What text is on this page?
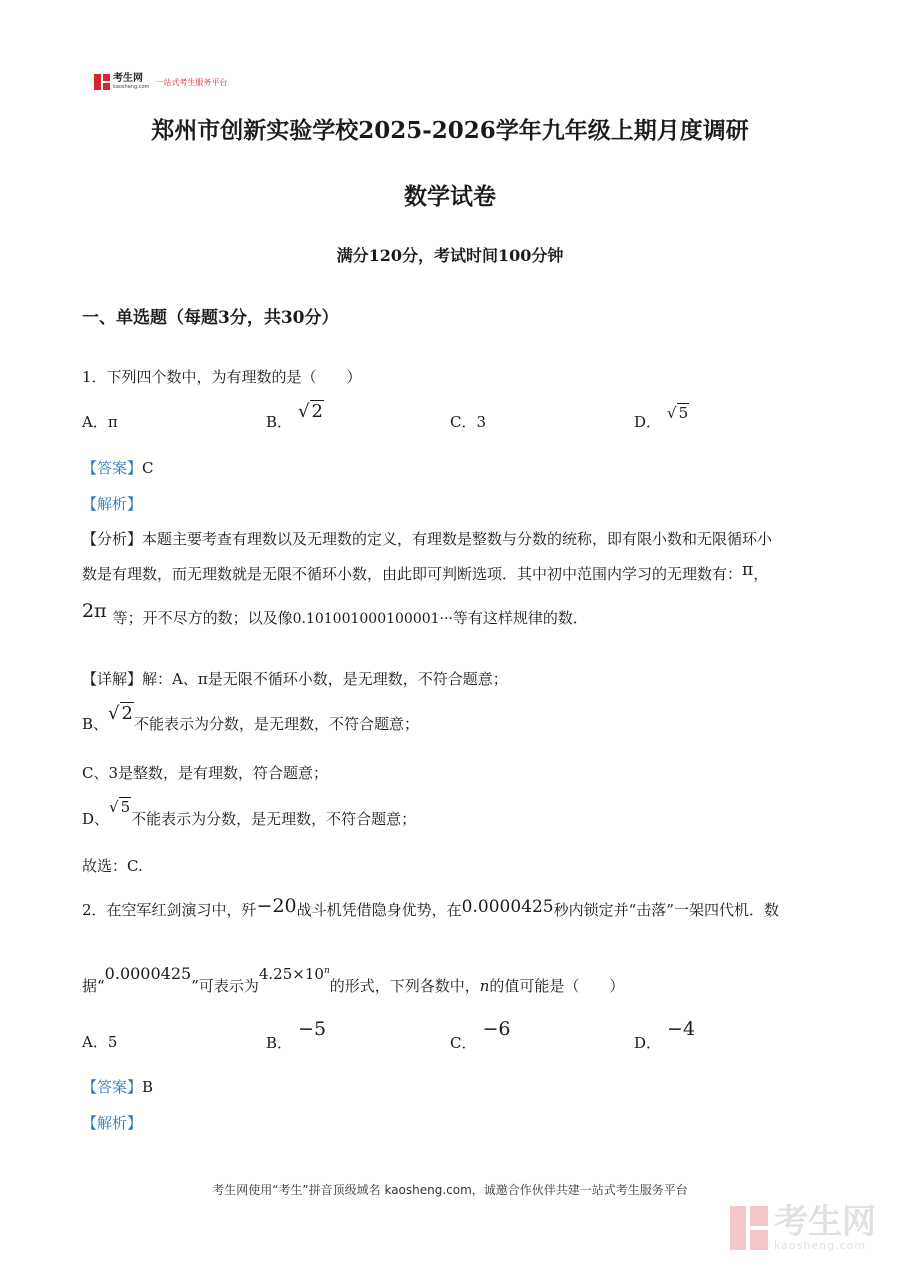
考生网
kaosheng.com
一站式考生服务平台
郑州市创新实验学校2025-2026学年九年级上期月度调研
数学试卷
满分120分，考试时间100分钟
一、单选题（每题3分，共30分）
1．下列四个数中，为有理数的是（　　）
A．π	B． √ 2	C．3	D． √ 5
【答案】C
【解析】
【分析】本题主要考查有理数以及无理数的定义，有理数是整数与分数的统称，即有限小数和无限循环小
数是有理数，而无理数就是无限不循环小数，由此即可判断选项．其中初中范围内学习的无理数有：π，
2π 等；开不尽方的数；以及像0.101001000100001···等有这样规律的数．
【详解】解：A、π是无限不循环小数，是无理数，不符合题意；
B、√ 2不能表示为分数，是无理数，不符合题意；
C、3是整数，是有理数，符合题意；
D、√ 5不能表示为分数，是无理数，不符合题意；
故选：C.
2．在空军红剑演习中，歼−20战斗机凭借隐身优势，在0.0000425秒内锁定并“击落”一架四代机．数
据“0.0000425”可表示为$4.25\times 10^n$的形式，下列各数中，n的值可能是（　　）
A．5	B．−5
C．−6
D．−4
【答案】B
【解析】
考生网使用“考生”拼音顶级域名 kaosheng.com，诚邀合作伙伴共建一站式考生服务平台
考生网
kaosheng.com
